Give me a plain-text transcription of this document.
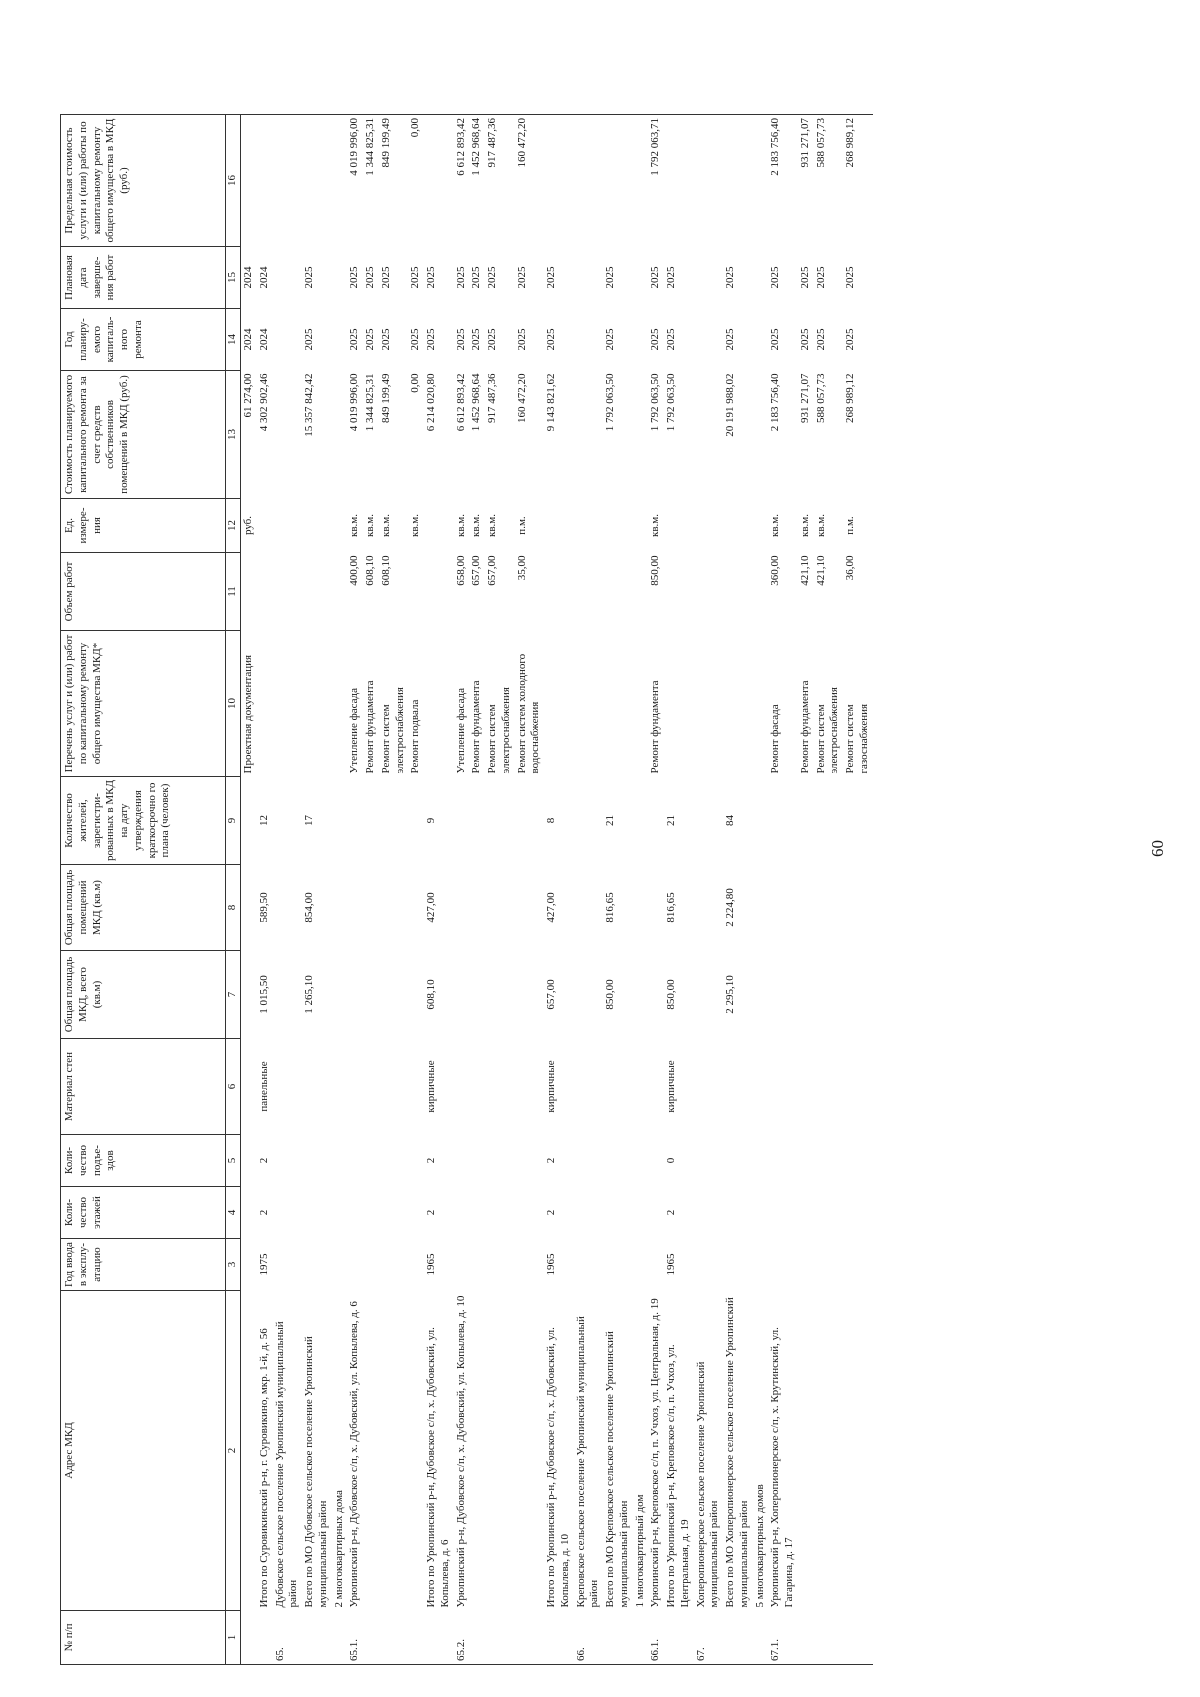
60
№ п/п	Адрес МКД	Год ввода в эксплу-атацию	Коли-чество этажей	Коли-чество подъе-здов	Материал стен	Общая площадь МКД, всего (кв.м)	Общая площадь помещений МКД (кв.м)	Количество жителей, зарегистри-рованных в МКД на дату утверждения краткосрочно го плана (человек)	Перечень услуг и (или) работ по капитальному ремонту общего имущества МКД*	Объем работ	Ед. измере-ния	Стоимость планируемого капитального ремонта за счет средств собственников помещений в МКД (руб.)	Год планиру-емого капиталь-ного ремонта	Плановая дата заверше-ния работ	Предельная стоимость услуги и (или) работы по капитальному ремонту общего имущества в МКД (руб.)
1	2	3	4	5	6	7	8	9	10	11	12	13	14	15	16
									Проектная документация		руб.	61 274,00	2024	2024	
	Итого по Суровикинский р-н, г. Суровикино, мкр. 1-й, д. 56	1975	2	2	панельные	1 015,50	589,50	12				4 302 902,46	2024	2024	
65.	Дубовское сельское поселение Урюпинский муниципальный район														
	Всего по МО Дубовское сельское поселение Урюпинский муниципальный район					1 265,10	854,00	17				15 357 842,42	2025	2025	
	2 многоквартирных дома														
65.1.	Урюпинский р-н, Дубовское с/п, х. Дубовский, ул. Копылева, д. 6								Утепление фасада	400,00	кв.м.	4 019 996,00	2025	2025	4 019 996,00
									Ремонт фундамента	608,10	кв.м.	1 344 825,31	2025	2025	1 344 825,31
									Ремонт систем электроснабжения	608,10	кв.м.	849 199,49	2025	2025	849 199,49
									Ремонт подвала		кв.м.	0,00	2025	2025	0,00
	Итого по Урюпинский р-н, Дубовское с/п, х. Дубовский, ул. Копылева, д. 6	1965	2	2	кирпичные	608,10	427,00	9				6 214 020,80	2025	2025	
65.2.	Урюпинский р-н, Дубовское с/п, х. Дубовский, ул. Копылева, д. 10								Утепление фасада	658,00	кв.м.	6 612 893,42	2025	2025	6 612 893,42
									Ремонт фундамента	657,00	кв.м.	1 452 968,64	2025	2025	1 452 968,64
									Ремонт систем электроснабжения	657,00	кв.м.	917 487,36	2025	2025	917 487,36
									Ремонт систем холодного водоснабжения	35,00	п.м.	160 472,20	2025	2025	160 472,20
	Итого по Урюпинский р-н, Дубовское с/п, х. Дубовский, ул. Копылева, д. 10	1965	2	2	кирпичные	657,00	427,00	8				9 143 821,62	2025	2025	
66.	Креповское сельское поселение Урюпинский муниципальный район														
	Всего по МО Креповское сельское поселение Урюпинский муниципальный район					850,00	816,65	21				1 792 063,50	2025	2025	
	1 многоквартирный дом														
66.1.	Урюпинский р-н, Креповское с/п, п. Учхоз, ул. Центральная, д. 19								Ремонт фундамента	850,00	кв.м.	1 792 063,50	2025	2025	1 792 063,71
	Итого по Урюпинский р-н, Креповское с/п, п. Учхоз, ул. Центральная, д. 19	1965	2	0	кирпичные	850,00	816,65	21				1 792 063,50	2025	2025	
67.	Хоперопионерское сельское поселение Урюпинский муниципальный район														
	Всего по МО Хоперопионерское сельское поселение Урюпинский муниципальный район					2 295,10	2 224,80	84				20 191 988,02	2025	2025	
	5 многоквартирных домов														
67.1.	Урюпинский р-н, Хоперопионерское с/п, х. Крутинский, ул. Гагарина, д. 17								Ремонт фасада	360,00	кв.м.	2 183 756,40	2025	2025	2 183 756,40
									Ремонт фундамента	421,10	кв.м.	931 271,07	2025	2025	931 271,07
									Ремонт систем электроснабжения	421,10	кв.м.	588 057,73	2025	2025	588 057,73
									Ремонт систем газоснабжения	36,00	п.м.	268 989,12	2025	2025	268 989,12
